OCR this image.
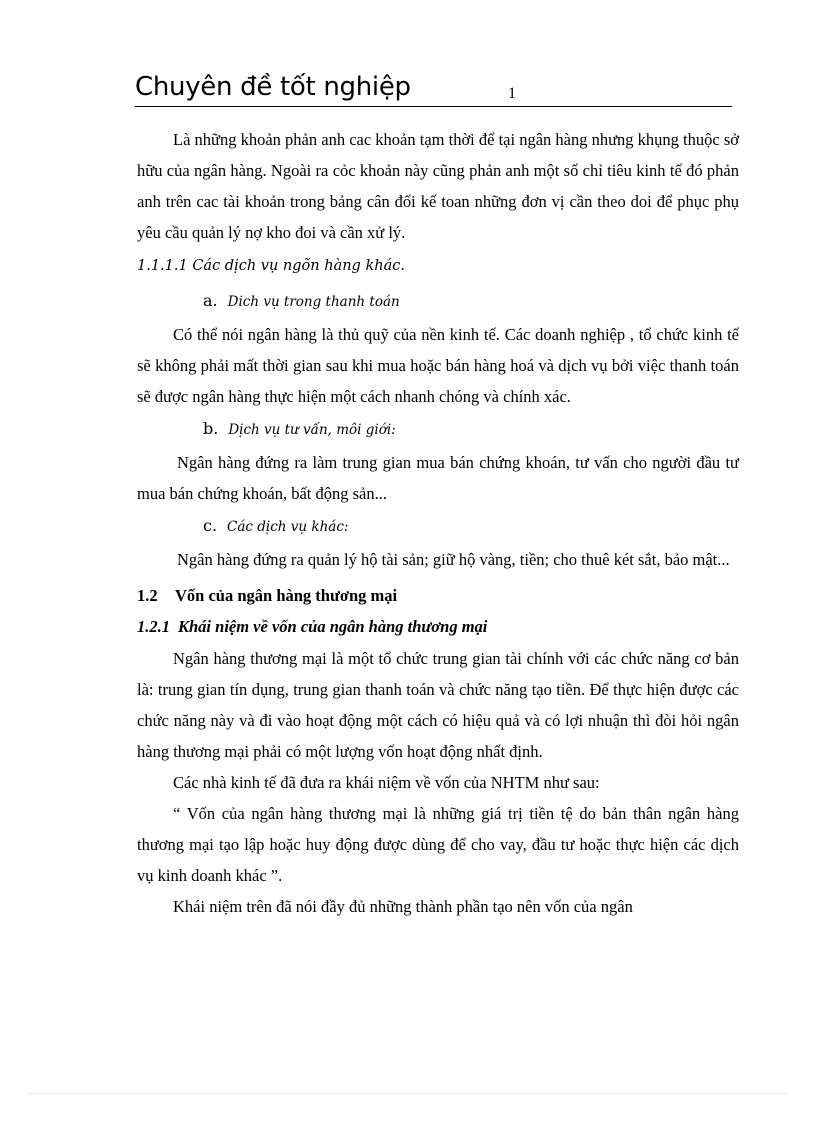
Chuyên đề tốt nghiệp	1

Là những khoản phản anh cac khoản tạm thời để tại ngân hàng nhưng khụng thuộc sở hữu của ngân hàng. Ngoài ra cỏc khoản này cũng phản anh một số chỉ tiêu kinh tế đó phản anh trên cac tài khoản trong bảng cân đối kế toan những đơn vị cần theo doi để phục phụ yêu cầu quản lý nợ kho đoi và cần xử lý.

1.1.1.1 Các dịch vụ ngõn hàng khác.

a. Dich vụ trong thanh toán

Có thể nói ngân hàng là thủ quỹ của nền kinh tế. Các doanh nghiệp , tổ chức kinh tế sẽ không phải mất thời gian sau khi mua hoặc bán hàng hoá và dịch vụ bởi việc thanh toán sẽ được ngân hàng thực hiện một cách nhanh chóng và chính xác.

b. Dịch vụ tư vấn, môi giới:

Ngân hàng đứng ra làm trung gian mua bán chứng khoán, tư vấn cho người đầu tư mua bán chứng khoán, bất động sản...

c. Các dịch vụ khác:

Ngân hàng đứng ra quản lý hộ tài sản; giữ hộ vàng, tiền; cho thuê két sắt, bảo mật...

1.2 Vốn của ngân hàng thương mại

1.2.1 Khái niệm về vốn của ngân hàng thương mại

Ngân hàng thương mại là một tổ chức trung gian tài chính với các chức năng cơ bản là: trung gian tín dụng, trung gian thanh toán và chức năng tạo tiền. Để thực hiện được các chức năng này và đi vào hoạt động một cách có hiệu quả và có lợi nhuận thì đòi hỏi ngân hàng thương mại phải có một lượng vốn hoạt động nhất định.

Các nhà kinh tế đã đưa ra khái niệm về vốn của NHTM như sau:

“ Vốn của ngân hàng thương mại là những giá trị tiền tệ do bản thân ngân hàng thương mại tạo lập hoặc huy động được dùng để cho vay, đầu tư hoặc thực hiện các dịch vụ kinh doanh khác ”.

Khái niệm trên đã nói đầy đủ những thành phần tạo nên vốn của ngân
